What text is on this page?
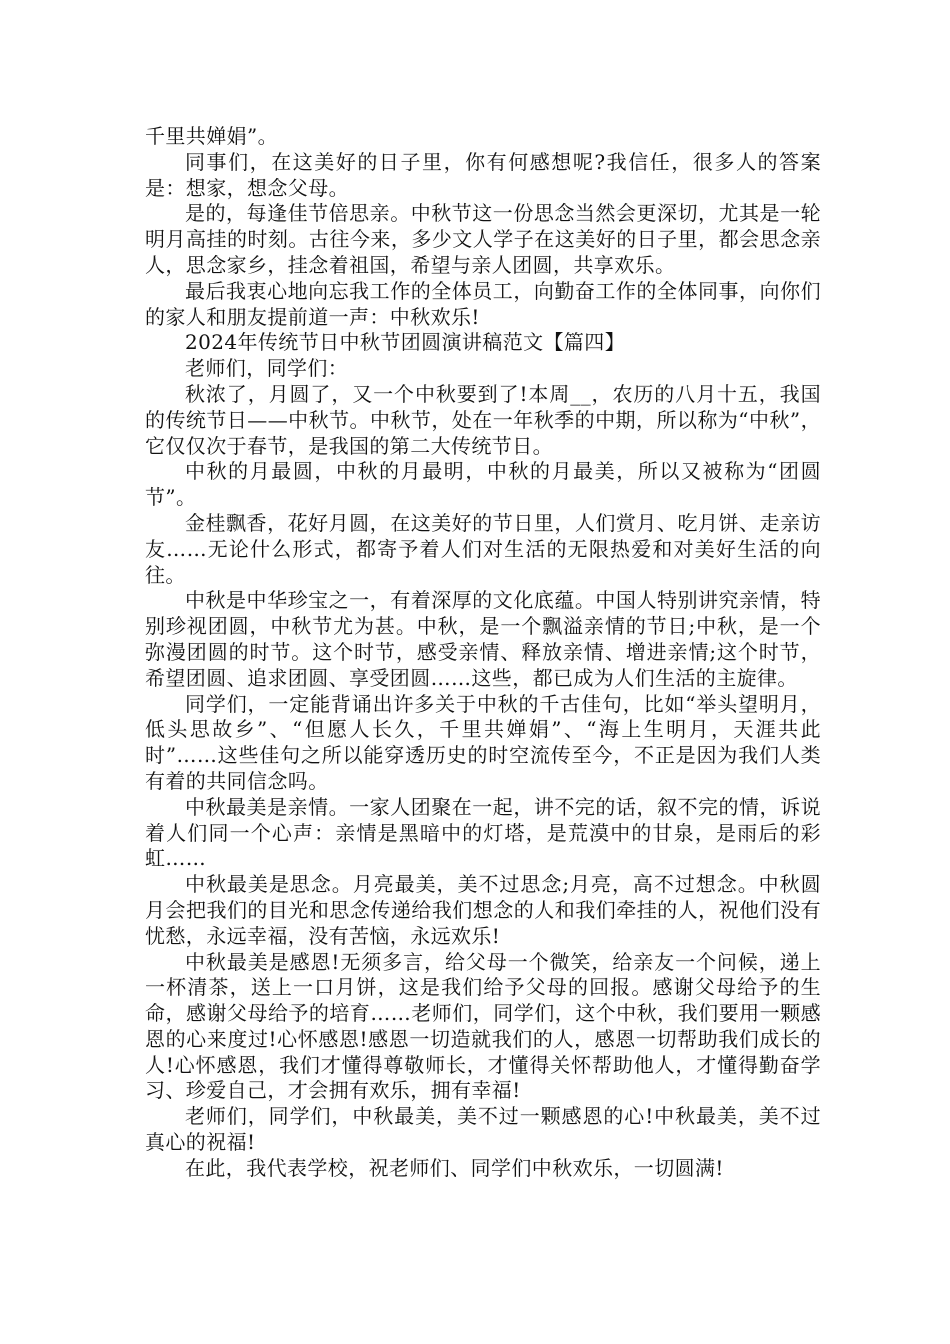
千里共婵娟”。

同事们，在这美好的日子里，你有何感想呢?我信任，很多人的答案是：想家，想念父母。

是的，每逢佳节倍思亲。中秋节这一份思念当然会更深切，尤其是一轮明月高挂的时刻。古往今来，多少文人学子在这美好的日子里，都会思念亲人，思念家乡，挂念着祖国，希望与亲人团圆，共享欢乐。

最后我衷心地向忘我工作的全体员工，向勤奋工作的全体同事，向你们的家人和朋友提前道一声：中秋欢乐!

2024年传统节日中秋节团圆演讲稿范文【篇四】

老师们，同学们：

秋浓了，月圆了，又一个中秋要到了!本周__，农历的八月十五，我国的传统节日——中秋节。中秋节，处在一年秋季的中期，所以称为“中秋”，它仅仅次于春节，是我国的第二大传统节日。

中秋的月最圆，中秋的月最明，中秋的月最美，所以又被称为“团圆节”。

金桂飘香，花好月圆，在这美好的节日里，人们赏月、吃月饼、走亲访友……无论什么形式，都寄予着人们对生活的无限热爱和对美好生活的向往。

中秋是中华珍宝之一，有着深厚的文化底蕴。中国人特别讲究亲情，特别珍视团圆，中秋节尤为甚。中秋，是一个飘溢亲情的节日;中秋，是一个弥漫团圆的时节。这个时节，感受亲情、释放亲情、增进亲情;这个时节，希望团圆、追求团圆、享受团圆……这些，都已成为人们生活的主旋律。

同学们，一定能背诵出许多关于中秋的千古佳句，比如“举头望明月，低头思故乡”、“但愿人长久，千里共婵娟”、“海上生明月，天涯共此时”……这些佳句之所以能穿透历史的时空流传至今，不正是因为我们人类有着的共同信念吗。

中秋最美是亲情。一家人团聚在一起，讲不完的话，叙不完的情，诉说着人们同一个心声：亲情是黑暗中的灯塔，是荒漠中的甘泉，是雨后的彩虹……

中秋最美是思念。月亮最美，美不过思念;月亮，高不过想念。中秋圆月会把我们的目光和思念传递给我们想念的人和我们牵挂的人，祝他们没有忧愁，永远幸福，没有苦恼，永远欢乐!

中秋最美是感恩!无须多言，给父母一个微笑，给亲友一个问候，递上一杯清茶，送上一口月饼，这是我们给予父母的回报。感谢父母给予的生命，感谢父母给予的培育……老师们，同学们，这个中秋，我们要用一颗感恩的心来度过!心怀感恩!感恩一切造就我们的人，感恩一切帮助我们成长的人!心怀感恩，我们才懂得尊敬师长，才懂得关怀帮助他人，才懂得勤奋学习、珍爱自己，才会拥有欢乐，拥有幸福!

老师们，同学们，中秋最美，美不过一颗感恩的心!中秋最美，美不过真心的祝福!

在此，我代表学校，祝老师们、同学们中秋欢乐，一切圆满!
